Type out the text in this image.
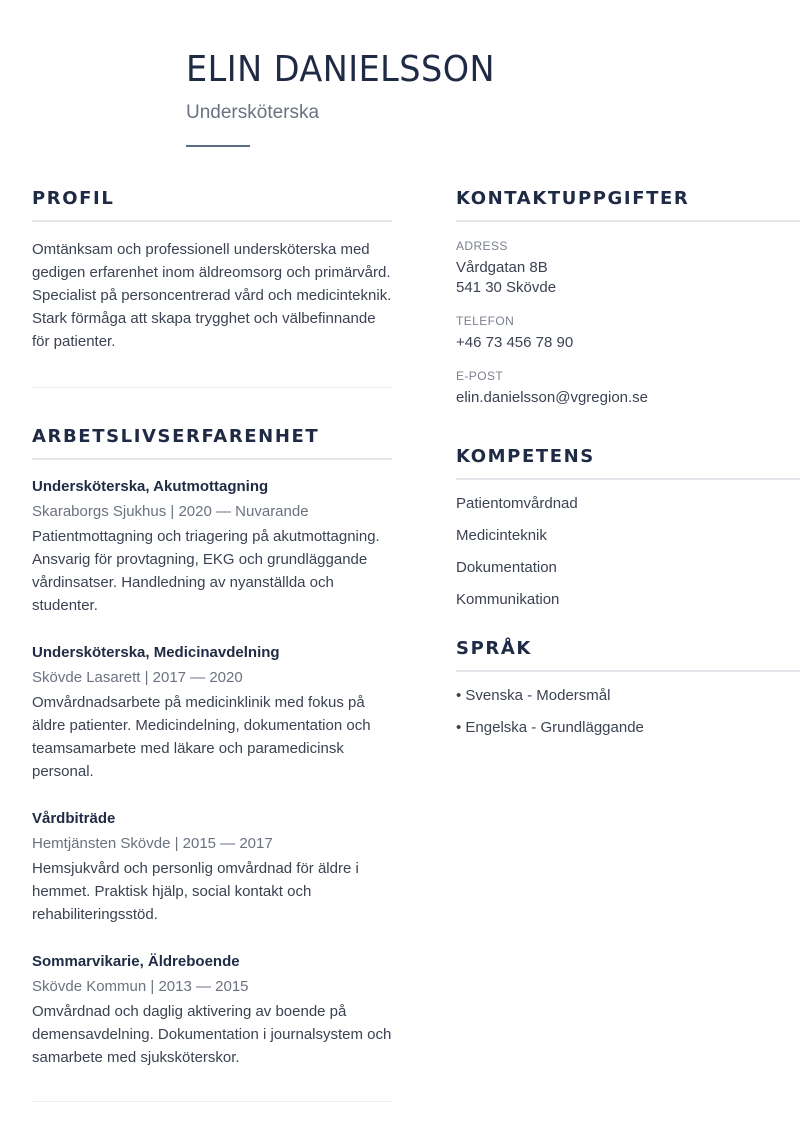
ELIN DANIELSSON
Undersköterska
PROFIL

Omtänksam och professionell undersköterska med gedigen erfarenhet inom äldreomsorg och primärvård. Specialist på personcentrerad vård och medicinteknik. Stark förmåga att skapa trygghet och välbefinnande för patienter.

ARBETSLIVSERFARENHET
Undersköterska, Akutmottagning
Skaraborgs Sjukhus | 2020 — Nuvarande
Patientmottagning och triagering på akutmottagning. Ansvarig för provtagning, EKG och grundläggande vårdinsatser. Handledning av nyanställda och studenter.
Undersköterska, Medicinavdelning
Skövde Lasarett | 2017 — 2020
Omvårdnadsarbete på medicinklinik med fokus på äldre patienter. Medicindelning, dokumentation och teamsamarbete med läkare och paramedicinsk personal.
Vårdbiträde
Hemtjänsten Skövde | 2015 — 2017
Hemsjukvård och personlig omvårdnad för äldre i hemmet. Praktisk hjälp, social kontakt och rehabiliteringsstöd.
Sommarvikarie, Äldreboende
Skövde Kommun | 2013 — 2015
Omvårdnad och daglig aktivering av boende på demensavdelning. Dokumentation i journalsystem och samarbete med sjuksköterskor.
KONTAKTUPPGIFTER
ADRESS
Vårdgatan 8B
541 30 Skövde
TELEFON
+46 73 456 78 90
E-POST
elin.danielsson@vgregion.se
KOMPETENS
Patientomvårdnad
Medicinteknik
Dokumentation
Kommunikation
SPRÅK
• Svenska - Modersmål
• Engelska - Grundläggande
